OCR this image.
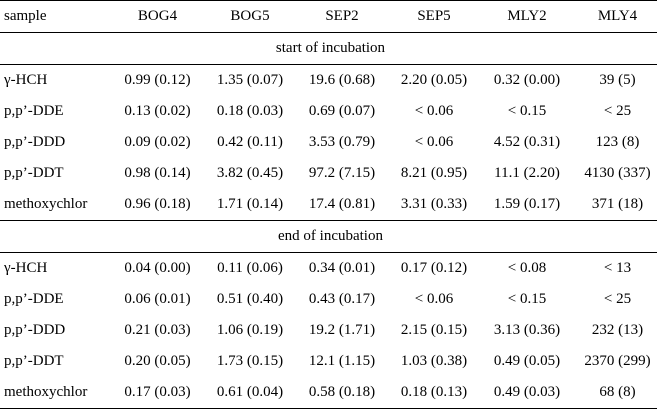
sample	BOG4	BOG5	SEP2	SEP5	MLY2	MLY4
start of incubation						
γ-HCH	0.99 (0.12)	1.35 (0.07)	19.6 (0.68)	2.20 (0.05)	0.32 (0.00)	39 (5)
p,p’-DDE	0.13 (0.02)	0.18 (0.03)	0.69 (0.07)	< 0.06	< 0.15	< 25
p,p’-DDD	0.09 (0.02)	0.42 (0.11)	3.53 (0.79)	< 0.06	4.52 (0.31)	123 (8)
p,p’-DDT	0.98 (0.14)	3.82 (0.45)	97.2 (7.15)	8.21 (0.95)	11.1 (2.20)	4130 (337)
methoxychlor	0.96 (0.18)	1.71 (0.14)	17.4 (0.81)	3.31 (0.33)	1.59 (0.17)	371 (18)
end of incubation						
γ-HCH	0.04 (0.00)	0.11 (0.06)	0.34 (0.01)	0.17 (0.12)	< 0.08	< 13
p,p’-DDE	0.06 (0.01)	0.51 (0.40)	0.43 (0.17)	< 0.06	< 0.15	< 25
p,p’-DDD	0.21 (0.03)	1.06 (0.19)	19.2 (1.71)	2.15 (0.15)	3.13 (0.36)	232 (13)
p,p’-DDT	0.20 (0.05)	1.73 (0.15)	12.1 (1.15)	1.03 (0.38)	0.49 (0.05)	2370 (299)
methoxychlor	0.17 (0.03)	0.61 (0.04)	0.58 (0.18)	0.18 (0.13)	0.49 (0.03)	68 (8)
